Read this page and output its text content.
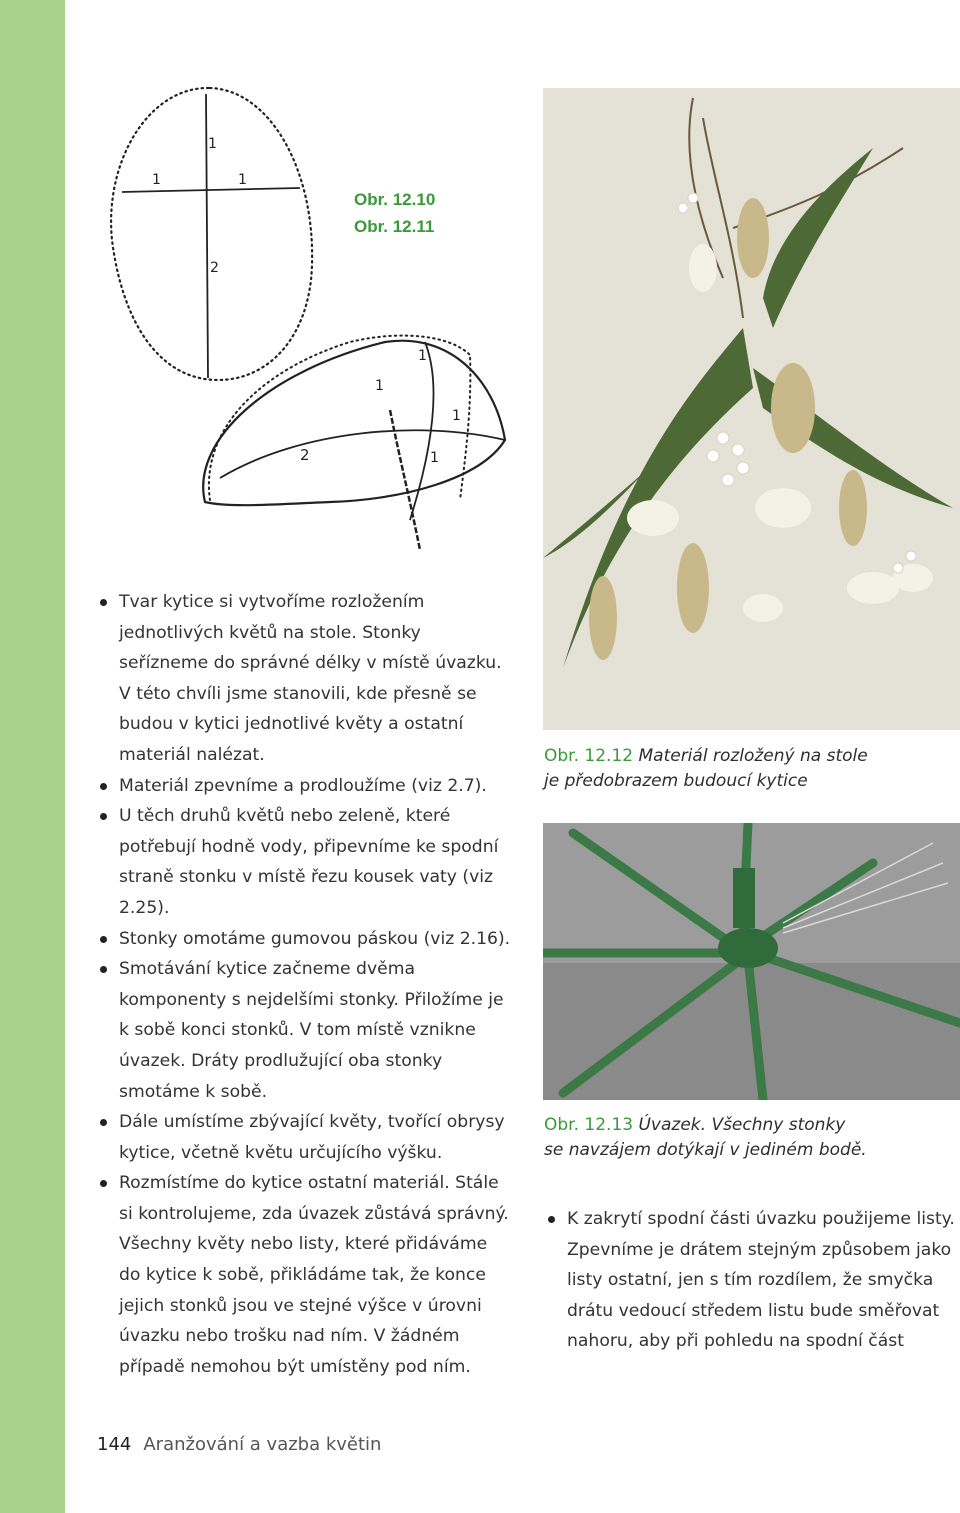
1
1	1
2
1
1
1
2	1
Obr. 12.10
Obr. 12.11
Obr. 12.12 Materiál rozložený na stole
je předobrazem budoucí kytice
Obr. 12.13 Úvazek. Všechny stonky
se navzájem dotýkají v jediném bodě.
Tvar kytice si vytvoříme rozložením jednotlivých květů na stole. Stonky seřízneme do správné délky v místě úvazku. V této chvíli jsme stanovili, kde přesně se budou v kytici jednotlivé květy a ostatní materiál nalézat.
Materiál zpevníme a prodloužíme (viz 2.7).
U těch druhů květů nebo zeleně, které potřebují hodně vody, připevníme ke spodní straně stonku v místě řezu kousek vaty (viz 2.25).
Stonky omotáme gumovou páskou (viz 2.16).
Smotávání kytice začneme dvěma komponenty s nejdelšími stonky. Přiložíme je k sobě konci stonků. V tom místě vznikne úvazek. Dráty prodlužující oba stonky smotáme k sobě.
Dále umístíme zbývající květy, tvořící obrysy kytice, včetně květu určujícího výšku.
Rozmístíme do kytice ostatní materiál. Stále si kontrolujeme, zda úvazek zůstává správný.

Všechny květy nebo listy, které přidáváme do kytice k sobě, přikládáme tak, že konce jejich stonků jsou ve stejné výšce v úrovni úvazku nebo trošku nad ním. V žádném případě nemohou být umístěny pod ním.

K zakrytí spodní části úvazku použijeme listy. Zpevníme je drátem stejným způsobem jako listy ostatní, jen s tím rozdílem, že smyčka drátu vedoucí středem listu bude směřovat nahoru, aby při pohledu na spodní část
144 Aranžování a vazba květin
